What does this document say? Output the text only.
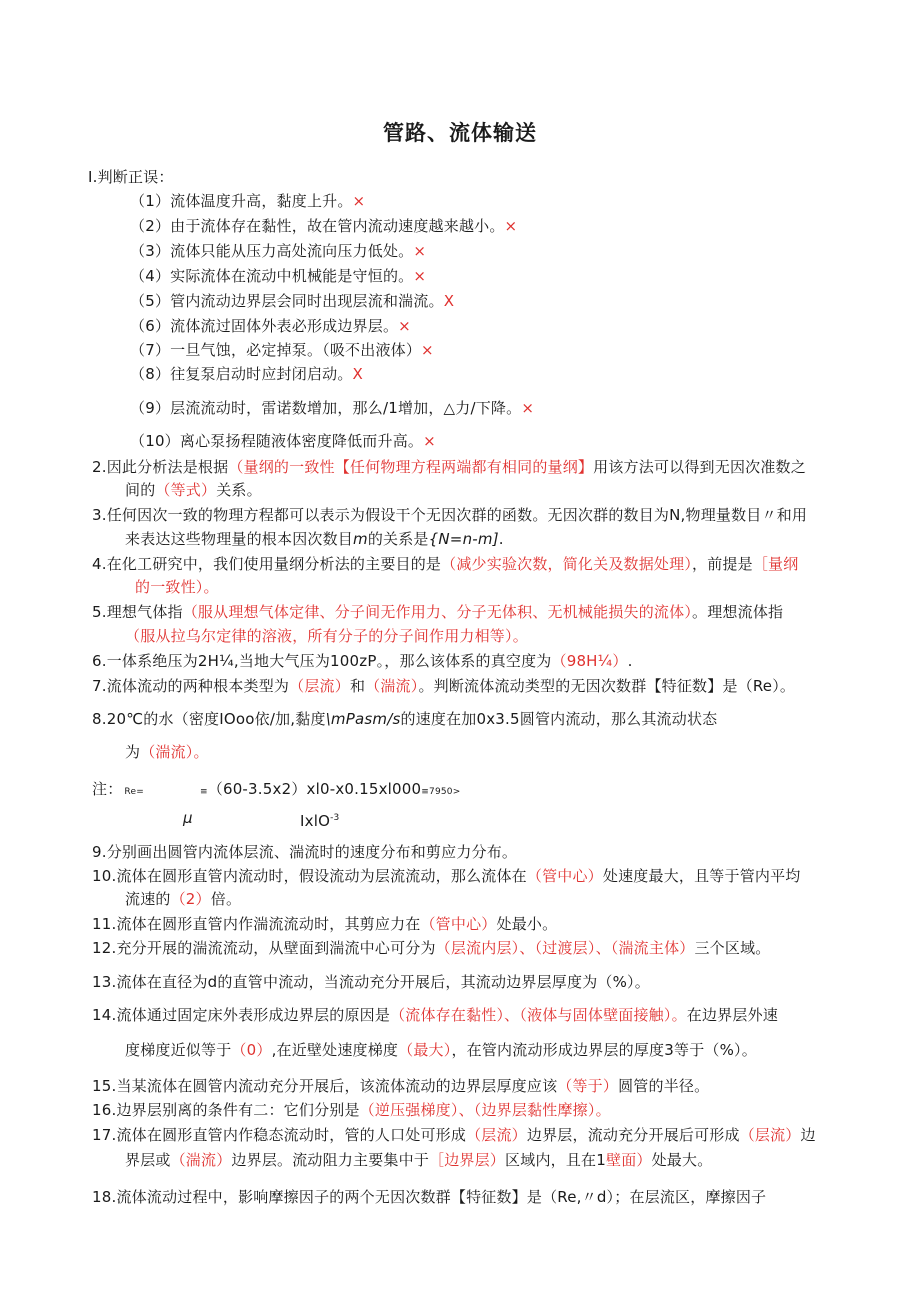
管路、流体输送
I.判断正误：
（1）流体温度升高，黏度上升。×
（2）由于流体存在黏性，故在管内流动速度越来越小。×
（3）流体只能从压力高处流向压力低处。×
（4）实际流体在流动中机械能是守恒的。×
（5）管内流动边界层会同时出现层流和湍流。X
（6）流体流过固体外表必形成边界层。×
（7）一旦气蚀，必定掉泵。（吸不出液体）×
（8）往复泵启动时应封闭启动。X
（9）层流流动时，雷诺数增加，那么/1增加，△力/下降。×
（10）离心泵扬程随液体密度降低而升高。×
2.因此分析法是根据（量纲的一致性【任何物理方程两端都有相同的量纲】用该方法可以得到无因次准数之
间的（等式）关系。
3.任何因次一致的物理方程都可以表示为假设干个无因次群的函数。无因次群的数目为N,物理量数目〃和用
来表达这些物理量的根本因次数目m的关系是{N=n-m].
4.在化工研究中，我们使用量纲分析法的主要目的是（减少实验次数，简化关及数据处理），前提是［量纲
的一致性）。
5.理想气体指（服从理想气体定律、分子间无作用力、分子无体积、无机械能损失的流体）。理想流体指
（服从拉乌尔定律的溶液，所有分子的分子间作用力相等）。
6.一体系绝压为2H¼,当地大气压为100zP。，那么该体系的真空度为（98H¼）.
7.流体流动的两种根本类型为（层流）和（湍流）。判断流体流动类型的无因次数群【特征数】是（Re）。
8.20℃的水（密度IOoo依/加,黏度\mPasm/s的速度在加0x3.5圆管内流动，那么其流动状态
为（湍流）。
注： Re=	≡（60-3.5x2）xl0-x0.15xl000≡7950>
μ	IxlO$^{-3}$
9.分别画出圆管内流体层流、湍流时的速度分布和剪应力分布。
10.流体在圆形直管内流动时，假设流动为层流流动，那么流体在（管中心）处速度最大，且等于管内平均
流速的（2）倍。
11.流体在圆形直管内作湍流流动时，其剪应力在（管中心）处最小。
12.充分开展的湍流流动，从壁面到湍流中心可分为（层流内层）、（过渡层）、（湍流主体）三个区域。
13.流体在直径为d的直管中流动，当流动充分开展后，其流动边界层厚度为（%）。
14.流体通过固定床外表形成边界层的原因是（流体存在黏性）、（液体与固体壁面接触）。在边界层外速
度梯度近似等于（0）,在近壁处速度梯度（最大），在管内流动形成边界层的厚度3等于（%）。
15.当某流体在圆管内流动充分开展后，该流体流动的边界层厚度应该（等于）圆管的半径。
16.边界层别离的条件有二：它们分别是（逆压强梯度）、（边界层黏性摩擦）。
17.流体在圆形直管内作稳态流动时，管的人口处可形成（层流）边界层，流动充分开展后可形成（层流）边
界层或（湍流）边界层。流动阻力主要集中于［边界层）区域内，且在1壁面）处最大。
18.流体流动过程中，影响摩擦因子的两个无因次数群【特征数】是（Re,〃d）；在层流区，摩擦因子
